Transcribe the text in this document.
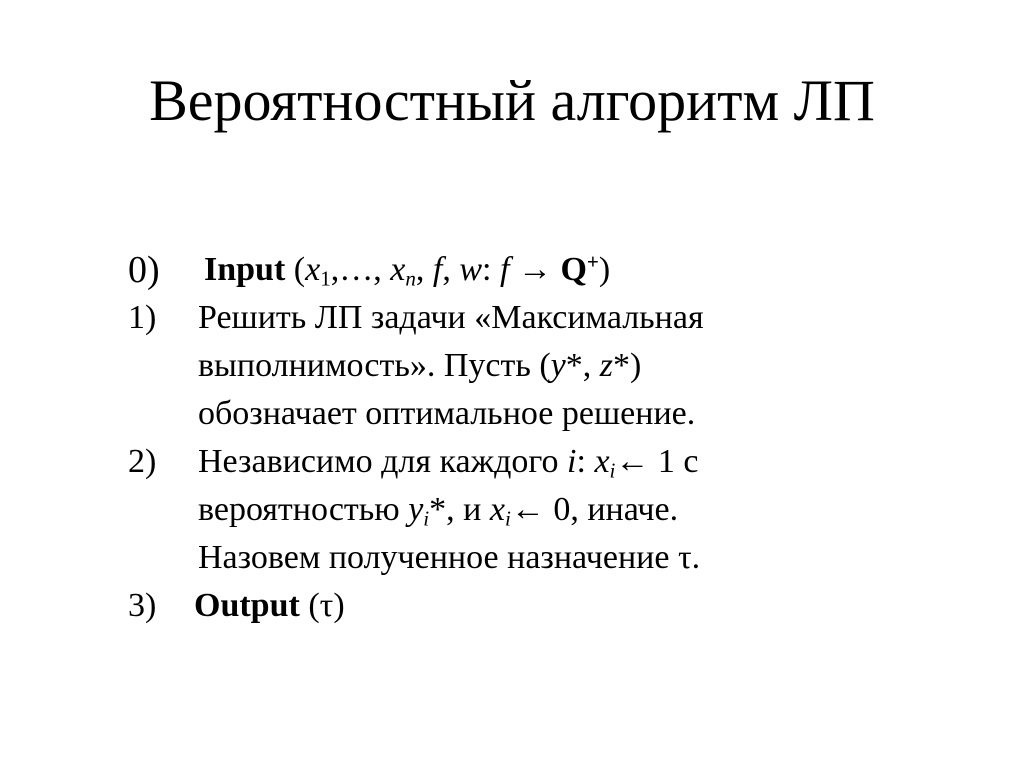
Вероятностный алгоритм ЛП
0) Input ($x_1,\dots$, $x_n$, f, w: f → Q+)
1) Решить ЛП задачи «Максимальная
выполнимость». Пусть (y*, z*)
обозначает оптимальное решение.
2) Независимо для каждого i: $x_i\leftarrow$ 1 с
вероятностью $y_i*$, и $x_i\leftarrow$ 0, иначе.
Назовем полученное назначение τ.
3) Output (τ)
